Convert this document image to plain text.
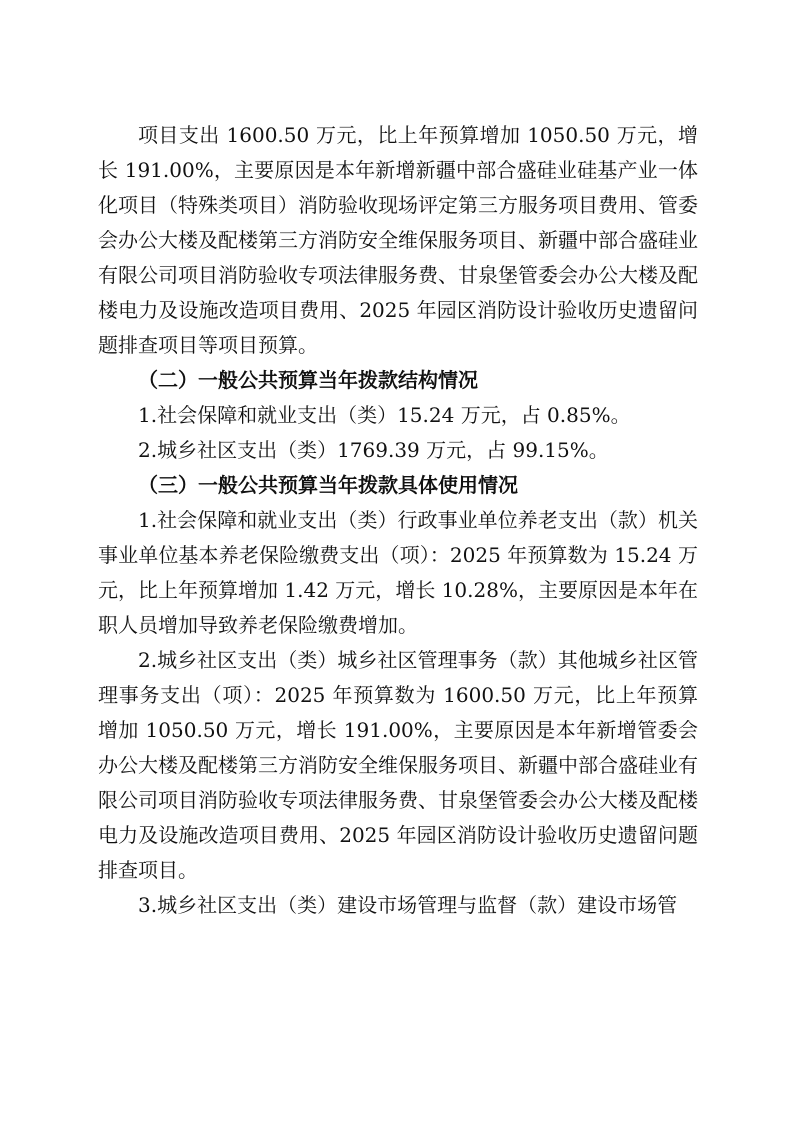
项目支出 1600.50 万元，比上年预算增加 1050.50 万元，增长 191.00%，主要原因是本年新增新疆中部合盛硅业硅基产业一体化项目（特殊类项目）消防验收现场评定第三方服务项目费用、管委会办公大楼及配楼第三方消防安全维保服务项目、新疆中部合盛硅业有限公司项目消防验收专项法律服务费、甘泉堡管委会办公大楼及配楼电力及设施改造项目费用、2025 年园区消防设计验收历史遗留问题排查项目等项目预算。

（二）一般公共预算当年拨款结构情况

1.社会保障和就业支出（类）15.24 万元，占 0.85%。

2.城乡社区支出（类）1769.39 万元，占 99.15%。

（三）一般公共预算当年拨款具体使用情况

1.社会保障和就业支出（类）行政事业单位养老支出（款）机关事业单位基本养老保险缴费支出（项）：2025 年预算数为 15.24 万元，比上年预算增加 1.42 万元，增长 10.28%，主要原因是本年在职人员增加导致养老保险缴费增加。

2.城乡社区支出（类）城乡社区管理事务（款）其他城乡社区管理事务支出（项）：2025 年预算数为 1600.50 万元，比上年预算增加 1050.50 万元，增长 191.00%，主要原因是本年新增管委会办公大楼及配楼第三方消防安全维保服务项目、新疆中部合盛硅业有限公司项目消防验收专项法律服务费、甘泉堡管委会办公大楼及配楼电力及设施改造项目费用、2025 年园区消防设计验收历史遗留问题排查项目。

3.城乡社区支出（类）建设市场管理与监督（款）建设市场管
